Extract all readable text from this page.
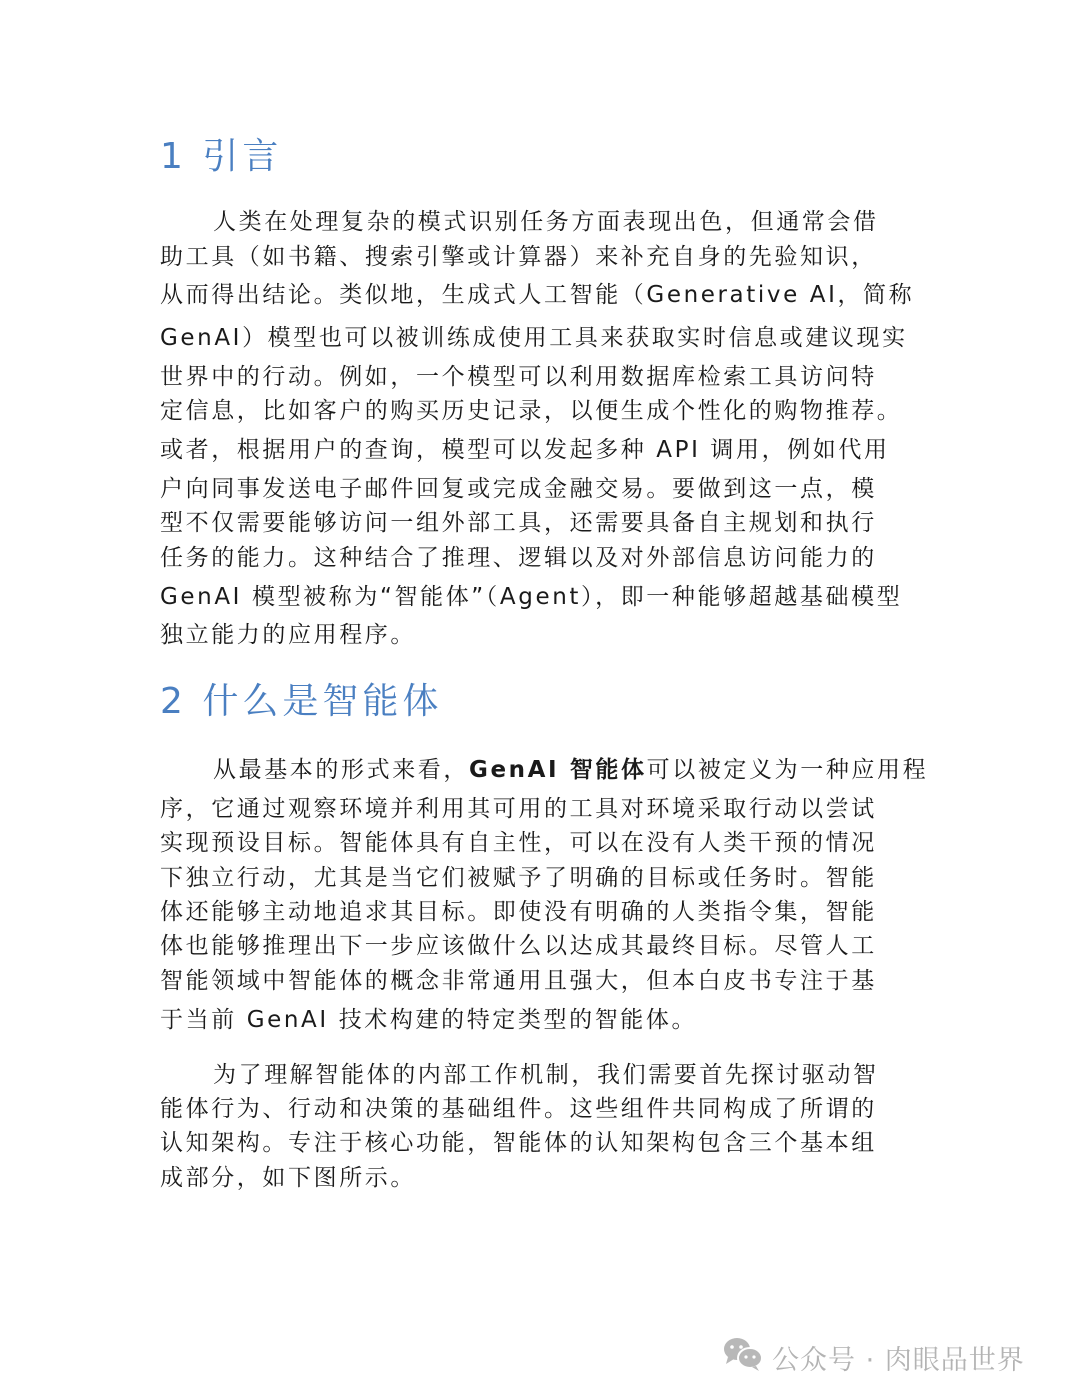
1 引言
人类在处理复杂的模式识别任务方面表现出色，但通常会借
助工具（如书籍、搜索引擎或计算器）来补充自身的先验知识，
从而得出结论。类似地，生成式人工智能（Generative AI，简称
GenAI）模型也可以被训练成使用工具来获取实时信息或建议现实
世界中的行动。例如，一个模型可以利用数据库检索工具访问特
定信息，比如客户的购买历史记录，以便生成个性化的购物推荐。
或者，根据用户的查询，模型可以发起多种 API 调用，例如代用
户向同事发送电子邮件回复或完成金融交易。要做到这一点，模
型不仅需要能够访问一组外部工具，还需要具备自主规划和执行
任务的能力。这种结合了推理、逻辑以及对外部信息访问能力的
GenAI 模型被称为“智能体”（Agent），即一种能够超越基础模型
独立能力的应用程序。
2 什么是智能体
从最基本的形式来看，GenAI 智能体可以被定义为一种应用程
序，它通过观察环境并利用其可用的工具对环境采取行动以尝试
实现预设目标。智能体具有自主性，可以在没有人类干预的情况
下独立行动，尤其是当它们被赋予了明确的目标或任务时。智能
体还能够主动地追求其目标。即使没有明确的人类指令集，智能
体也能够推理出下一步应该做什么以达成其最终目标。尽管人工
智能领域中智能体的概念非常通用且强大，但本白皮书专注于基
于当前 GenAI 技术构建的特定类型的智能体。
为了理解智能体的内部工作机制，我们需要首先探讨驱动智
能体行为、行动和决策的基础组件。这些组件共同构成了所谓的
认知架构。专注于核心功能，智能体的认知架构包含三个基本组
成部分，如下图所示。
公众号 · 肉眼品世界
